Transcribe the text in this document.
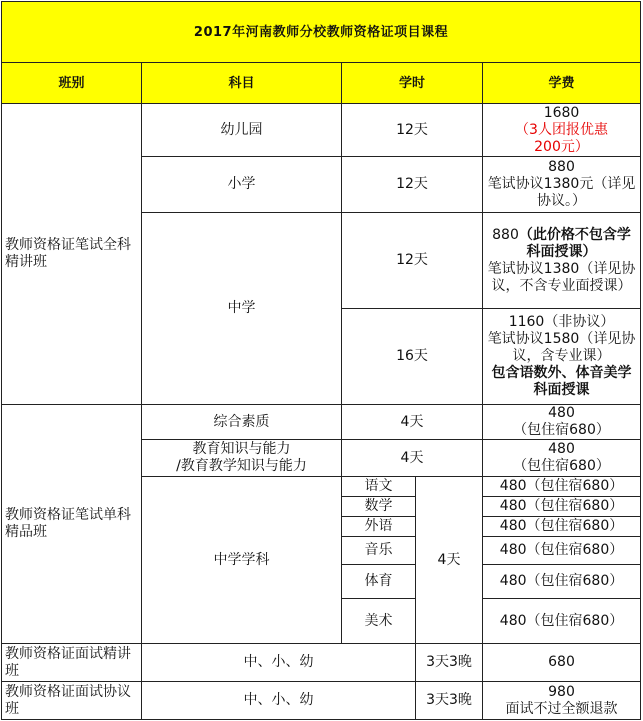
2017年河南教师分校教师资格证项目课程				
班别	科目	学时		学费
教师资格证笔试全科精讲班	幼儿园	12天		1680
（3人团报优惠
200元）

	小学	12天		880
笔试协议1380元（详见协议。）

	中学	12天		880（此价格不包含学科面授课）
笔试协议1380（详见协议，不含专业面授课）

		16天		1160（非协议）
笔试协议1580（详见协议，含专业课）
包含语数外、体音美学科面授课

教师资格证笔试单科精品班	综合素质	4天		480
（包住宿680）

	教育知识与能力
/教育教学知识与能力	4天		480
（包住宿680）

	中学学科	语文	4天	480（包住宿680）
		数学		480（包住宿680）
		外语		480（包住宿680）
		音乐		480（包住宿680）
		体育		480（包住宿680）
		美术		480（包住宿680）
教师资格证面试精讲班	中、小、幼		3天3晚	680
教师资格证面试协议班	中、小、幼		3天3晚	980
面试不过全额退款
